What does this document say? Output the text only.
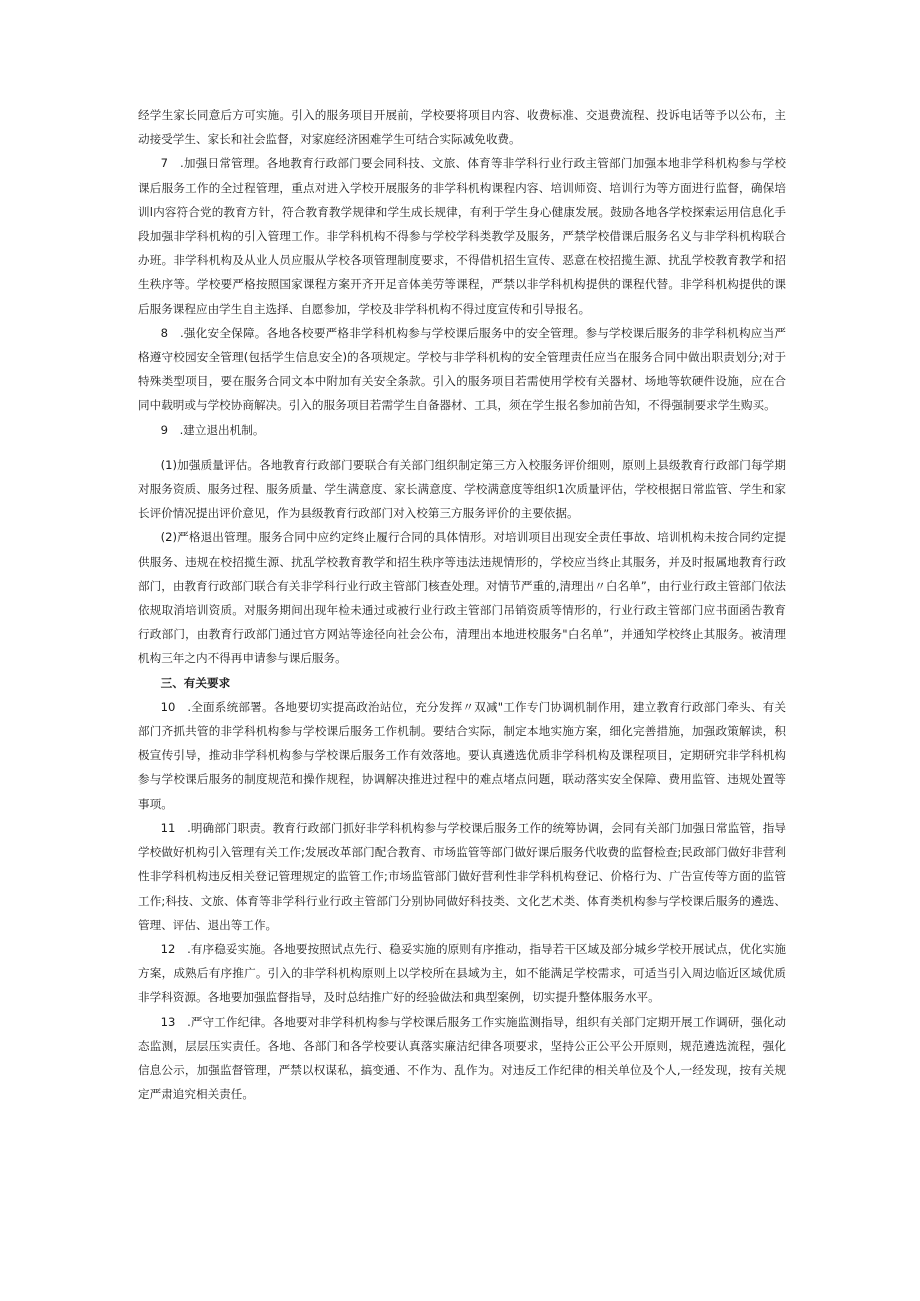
经学生家长同意后方可实施。引入的服务项目开展前，学校要将项目内容、收费标准、交退费流程、投诉电话等予以公布，主动接受学生、家长和社会监督，对家庭经济困难学生可结合实际减免收费。

7　.加强日常管理。各地教育行政部门要会同科技、文旅、体育等非学科行业行政主管部门加强本地非学科机构参与学校课后服务工作的全过程管理，重点对进入学校开展服务的非学科机构课程内容、培训师资、培训行为等方面进行监督，确保培训l内容符合党的教育方针，符合教育教学规律和学生成长规律，有利于学生身心健康发展。鼓励各地各学校探索运用信息化手段加强非学科机构的引入管理工作。非学科机构不得参与学校学科类教学及服务，严禁学校借课后服务名义与非学科机构联合办班。非学科机构及从业人员应服从学校各项管理制度要求，不得借机招生宣传、恶意在校招揽生源、扰乱学校教育教学和招生秩序等。学校要严格按照国家课程方案开齐开足音体美劳等课程，严禁以非学科机构提供的课程代替。非学科机构提供的课后服务课程应由学生自主选择、自愿参加，学校及非学科机构不得过度宣传和引导报名。

8　.强化安全保障。各地各校要严格非学科机构参与学校课后服务中的安全管理。参与学校课后服务的非学科机构应当严格遵守校园安全管理(包括学生信息安全)的各项规定。学校与非学科机构的安全管理责任应当在服务合同中做出职责划分;对于特殊类型项目，要在服务合同文本中附加有关安全条款。引入的服务项目若需使用学校有关器材、场地等软硬件设施，应在合同中载明或与学校协商解决。引入的服务项目若需学生自备器材、工具，须在学生报名参加前告知，不得强制要求学生购买。

9　.建立退出机制。

(1)加强质量评估。各地教育行政部门要联合有关部门组织制定第三方入校服务评价细则，原则上县级教育行政部门每学期对服务资质、服务过程、服务质量、学生满意度、家长满意度、学校满意度等组织1次质量评估，学校根据日常监管、学生和家长评价情况提出评价意见，作为县级教育行政部门对入校第三方服务评价的主要依据。

(2)严格退出管理。服务合同中应约定终止履行合同的具体情形。对培训项目出现安全责任事故、培训机构未按合同约定提供服务、违规在校招揽生源、扰乱学校教育教学和招生秩序等违法违规情形的，学校应当终止其服务，并及时报属地教育行政部门，由教育行政部门联合有关非学科行业行政主管部门核查处理。对情节严重的,清理出〃白名单”，由行业行政主管部门依法依规取消培训资质。对服务期间出现年检未通过或被行业行政主管部门吊销资质等情形的，行业行政主管部门应书面函告教育行政部门，由教育行政部门通过官方网站等途径向社会公布，清理出本地进校服务"白名单”，并通知学校终止其服务。被清理机构三年之内不得再申请参与课后服务。

三、有关要求

10　.全面系统部署。各地要切实提高政治站位，充分发挥〃双减"工作专门协调机制作用，建立教育行政部门牵头、有关部门齐抓共管的非学科机构参与学校课后服务工作机制。要结合实际，制定本地实施方案，细化完善措施，加强政策解读，积极宣传引导，推动非学科机构参与学校课后服务工作有效落地。要认真遴选优质非学科机构及课程项目，定期研究非学科机构参与学校课后服务的制度规范和操作规程，协调解决推进过程中的难点堵点问题，联动落实安全保障、费用监管、违规处置等事项。

11　.明确部门职责。教育行政部门抓好非学科机构参与学校课后服务工作的统筹协调，会同有关部门加强日常监管，指导学校做好机构引入管理有关工作;发展改革部门配合教育、市场监管等部门做好课后服务代收费的监督检查;民政部门做好非营利性非学科机构违反相关登记管理规定的监管工作;市场监管部门做好营利性非学科机构登记、价格行为、广告宣传等方面的监管工作;科技、文旅、体育等非学科行业行政主管部门分别协同做好科技类、文化艺术类、体育类机构参与学校课后服务的遴选、管理、评估、退出等工作。

12　.有序稳妥实施。各地要按照试点先行、稳妥实施的原则有序推动，指导若干区域及部分城乡学校开展试点，优化实施方案，成熟后有序推广。引入的非学科机构原则上以学校所在县域为主，如不能满足学校需求，可适当引入周边临近区域优质非学科资源。各地要加强监督指导，及时总结推广好的经验做法和典型案例，切实提升整体服务水平。

13　.严守工作纪律。各地要对非学科机构参与学校课后服务工作实施监测指导，组织有关部门定期开展工作调研，强化动态监测，层层压实责任。各地、各部门和各学校要认真落实廉洁纪律各项要求，坚持公正公平公开原则，规范遴选流程，强化信息公示，加强监督管理，严禁以权谋私，搞变通、不作为、乱作为。对违反工作纪律的相关单位及个人,一经发现，按有关规定严肃追究相关责任。
